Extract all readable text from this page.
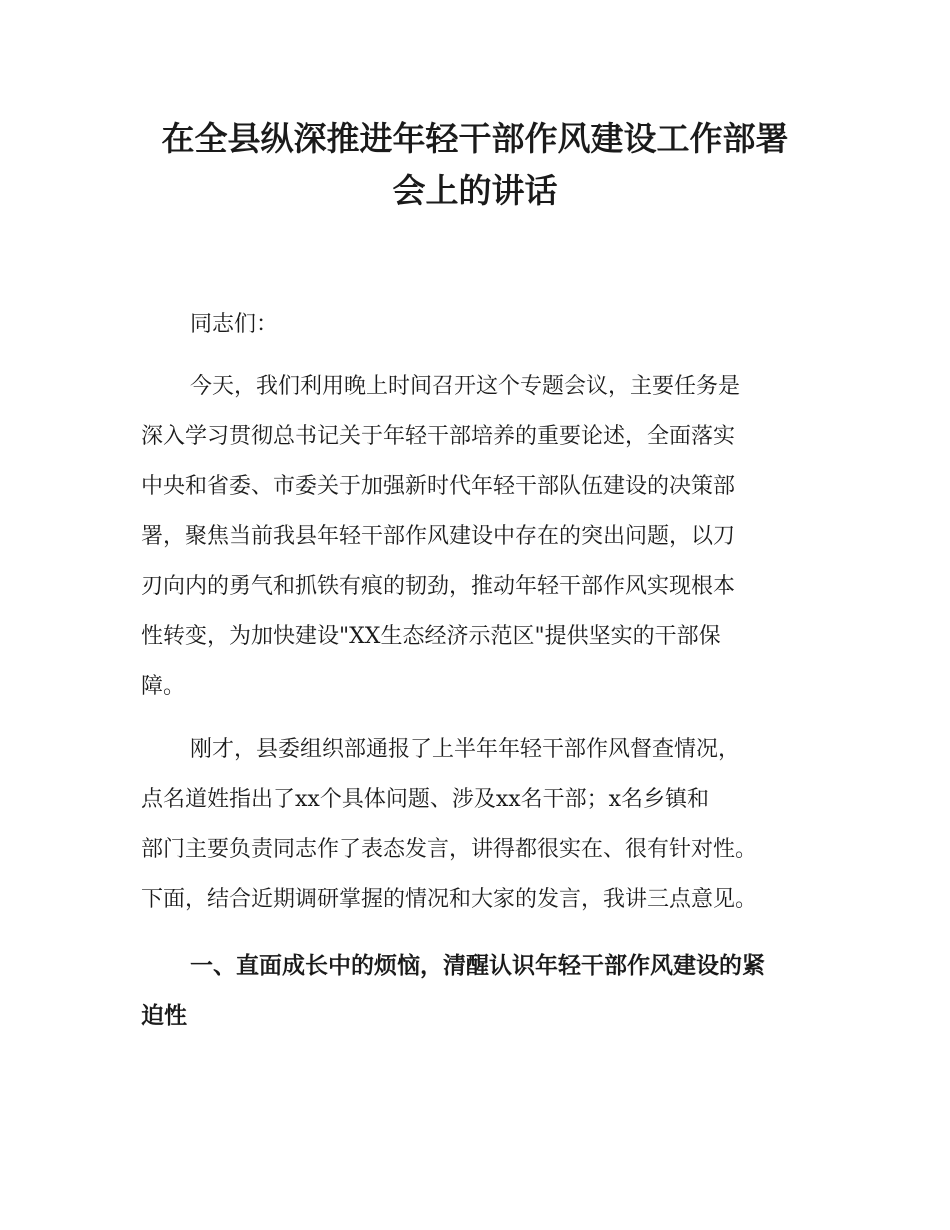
在全县纵深推进年轻干部作风建设工作部署
会上的讲话

同志们：

今天，我们利用晚上时间召开这个专题会议，主要任务是

深入学习贯彻总书记关于年轻干部培养的重要论述，全面落实

中央和省委、市委关于加强新时代年轻干部队伍建设的决策部

署，聚焦当前我县年轻干部作风建设中存在的突出问题，以刀

刃向内的勇气和抓铁有痕的韧劲，推动年轻干部作风实现根本

性转变，为加快建设"XX生态经济示范区"提供坚实的干部保

障。

刚才，县委组织部通报了上半年年轻干部作风督查情况，

点名道姓指出了xx个具体问题、涉及xx名干部；x名乡镇和

部门主要负责同志作了表态发言，讲得都很实在、很有针对性。

下面，结合近期调研掌握的情况和大家的发言，我讲三点意见。

一、直面成长中的烦恼，清醒认识年轻干部作风建设的紧
迫性
